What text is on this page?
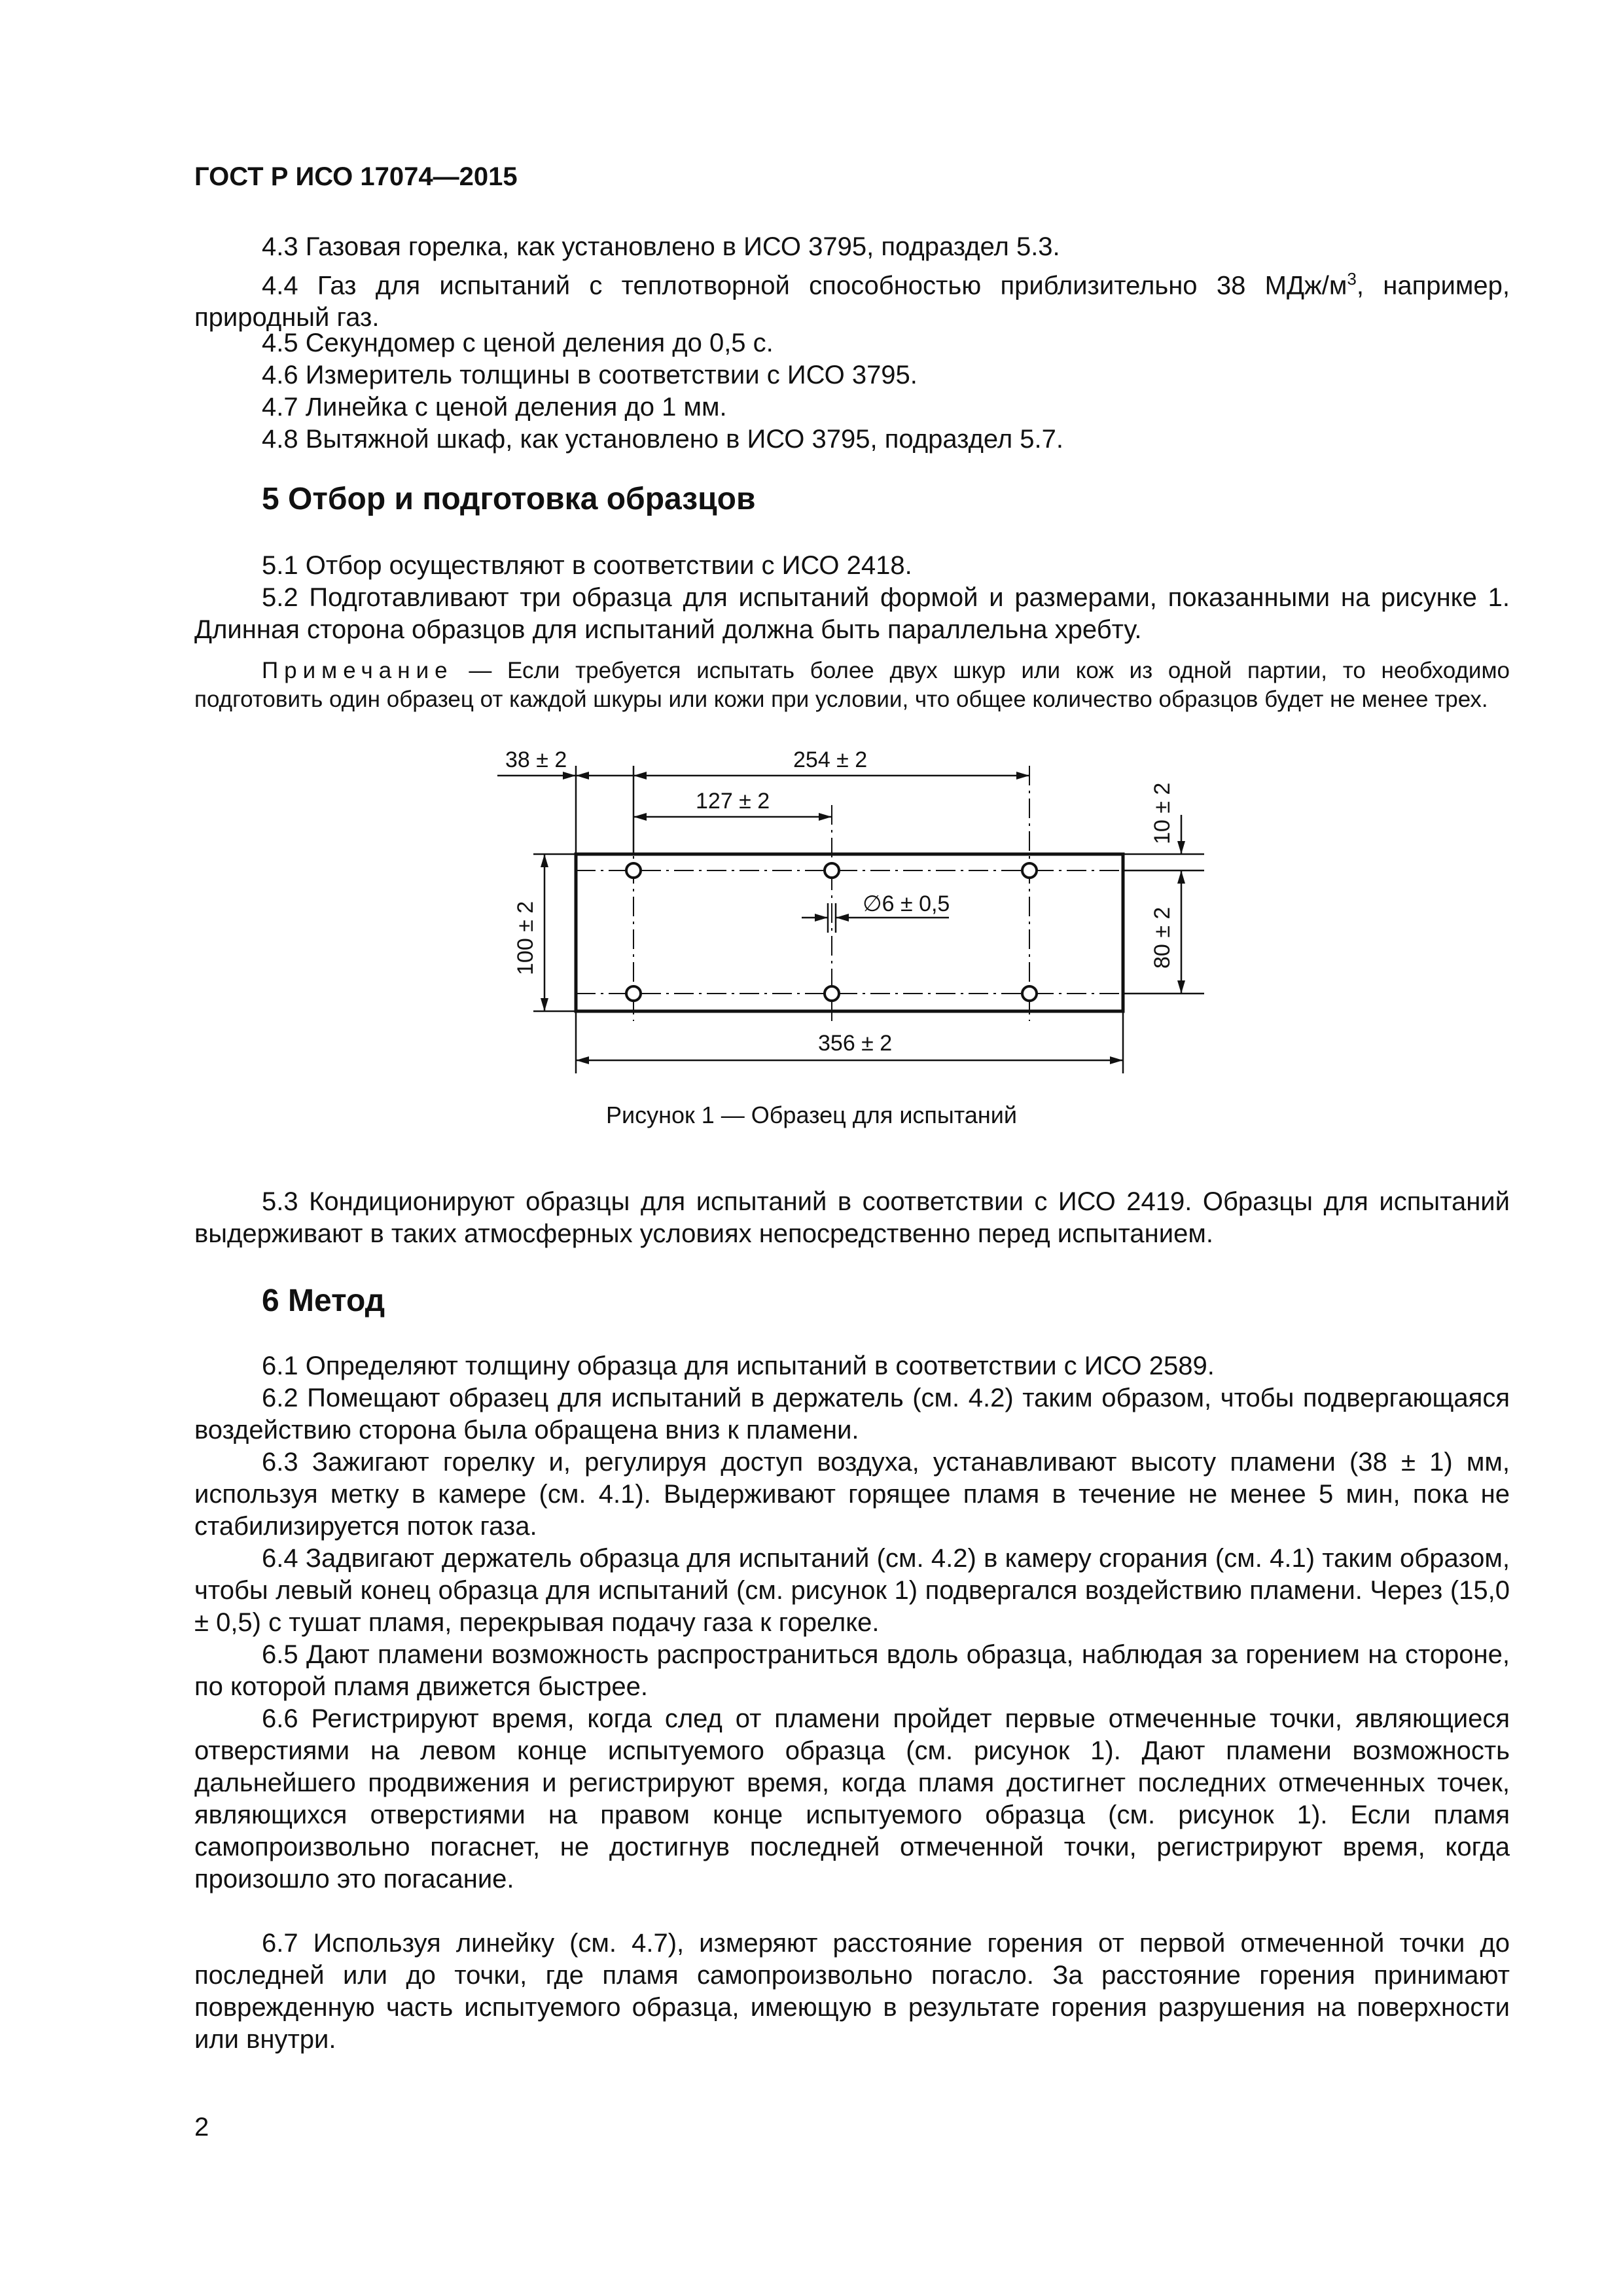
ГОСТ Р ИСО 17074—2015

4.3 Газовая горелка, как установлено в ИСО 3795, подраздел 5.3.

4.4 Газ для испытаний с теплотворной способностью приблизительно 38 МДж/$м^3$, например, природный газ.

4.5 Секундомер с ценой деления до 0,5 с.

4.6 Измеритель толщины в соответствии с ИСО 3795.

4.7 Линейка с ценой деления до 1 мм.

4.8 Вытяжной шкаф, как установлено в ИСО 3795, подраздел 5.7.

5 Отбор и подготовка образцов

5.1 Отбор осуществляют в соответствии с ИСО 2418.

5.2 Подготавливают три образца для испытаний формой и размерами, показанными на рисунке 1. Длинная сторона образцов для испытаний должна быть параллельна хребту.

Примечание — Если требуется испытать более двух шкур или кож из одной партии, то необходимо подготовить один образец от каждой шкуры или кожи при условии, что общее количество образцов будет не менее трех.

38 ± 2	254 ± 2
127 ± 2
∅6 ± 0,5
356 ± 2
10 ± 2
80 ± 2
100 ± 2
Рисунок 1 — Образец для испытаний

5.3 Кондиционируют образцы для испытаний в соответствии с ИСО 2419. Образцы для испытаний выдерживают в таких атмосферных условиях непосредственно перед испытанием.

6 Метод

6.1 Определяют толщину образца для испытаний в соответствии с ИСО 2589.

6.2 Помещают образец для испытаний в держатель (см. 4.2) таким образом, чтобы подвергающаяся воздействию сторона была обращена вниз к пламени.

6.3 Зажигают горелку и, регулируя доступ воздуха, устанавливают высоту пламени (38 ± 1) мм, используя метку в камере (см. 4.1). Выдерживают горящее пламя в течение не менее 5 мин, пока не стабилизируется поток газа.

6.4 Задвигают держатель образца для испытаний (см. 4.2) в камеру сгорания (см. 4.1) таким образом, чтобы левый конец образца для испытаний (см. рисунок 1) подвергался воздействию пламени. Через (15,0 ± 0,5) с тушат пламя, перекрывая подачу газа к горелке.

6.5 Дают пламени возможность распространиться вдоль образца, наблюдая за горением на стороне, по которой пламя движется быстрее.

6.6 Регистрируют время, когда след от пламени пройдет первые отмеченные точки, являющиеся отверстиями на левом конце испытуемого образца (см. рисунок 1). Дают пламени возможность дальнейшего продвижения и регистрируют время, когда пламя достигнет последних отмеченных точек, являющихся отверстиями на правом конце испытуемого образца (см. рисунок 1). Если пламя самопроизвольно погаснет, не достигнув последней отмеченной точки, регистрируют время, когда произошло это погасание.

6.7 Используя линейку (см. 4.7), измеряют расстояние горения от первой отмеченной точки до последней или до точки, где пламя самопроизвольно погасло. За расстояние горения принимают поврежденную часть испытуемого образца, имеющую в результате горения разрушения на поверхности или внутри.

2
